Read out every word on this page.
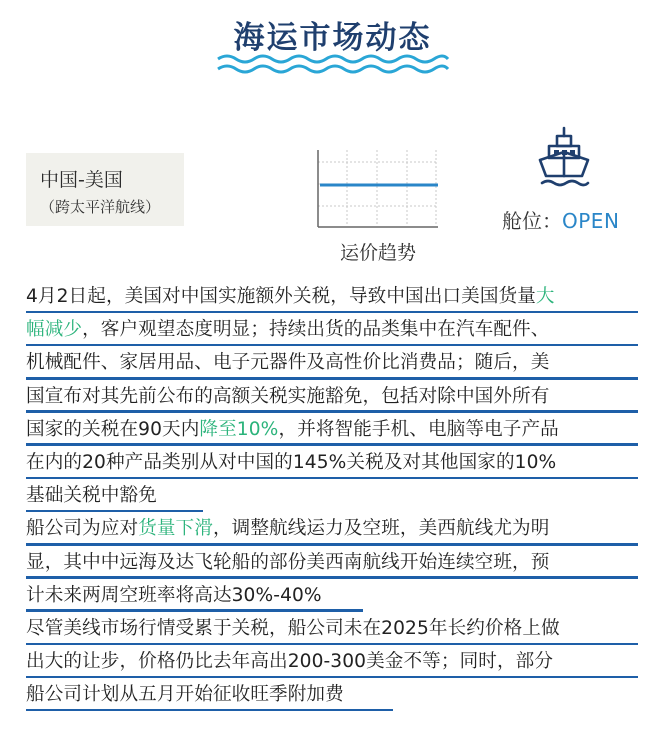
海运市场动态
中国-美国
（跨太平洋航线）
运价趋势
舱位：OPEN
4月2日起，美国对中国实施额外关税，导致中国出口美国货量大
幅减少，客户观望态度明显；持续出货的品类集中在汽车配件、
机械配件、家居用品、电子元器件及高性价比消费品；随后，美
国宣布对其先前公布的高额关税实施豁免，包括对除中国外所有
国家的关税在90天内降至10%，并将智能手机、电脑等电子产品
在内的20种产品类别从对中国的145%关税及对其他国家的10%
基础关税中豁免
船公司为应对货量下滑，调整航线运力及空班，美西航线尤为明
显，其中中远海及达飞轮船的部份美西南航线开始连续空班，预
计未来两周空班率将高达30%-40%
尽管美线市场行情受累于关税，船公司未在2025年长约价格上做
出大的让步，价格仍比去年高出200-300美金不等；同时，部分
船公司计划从五月开始征收旺季附加费
